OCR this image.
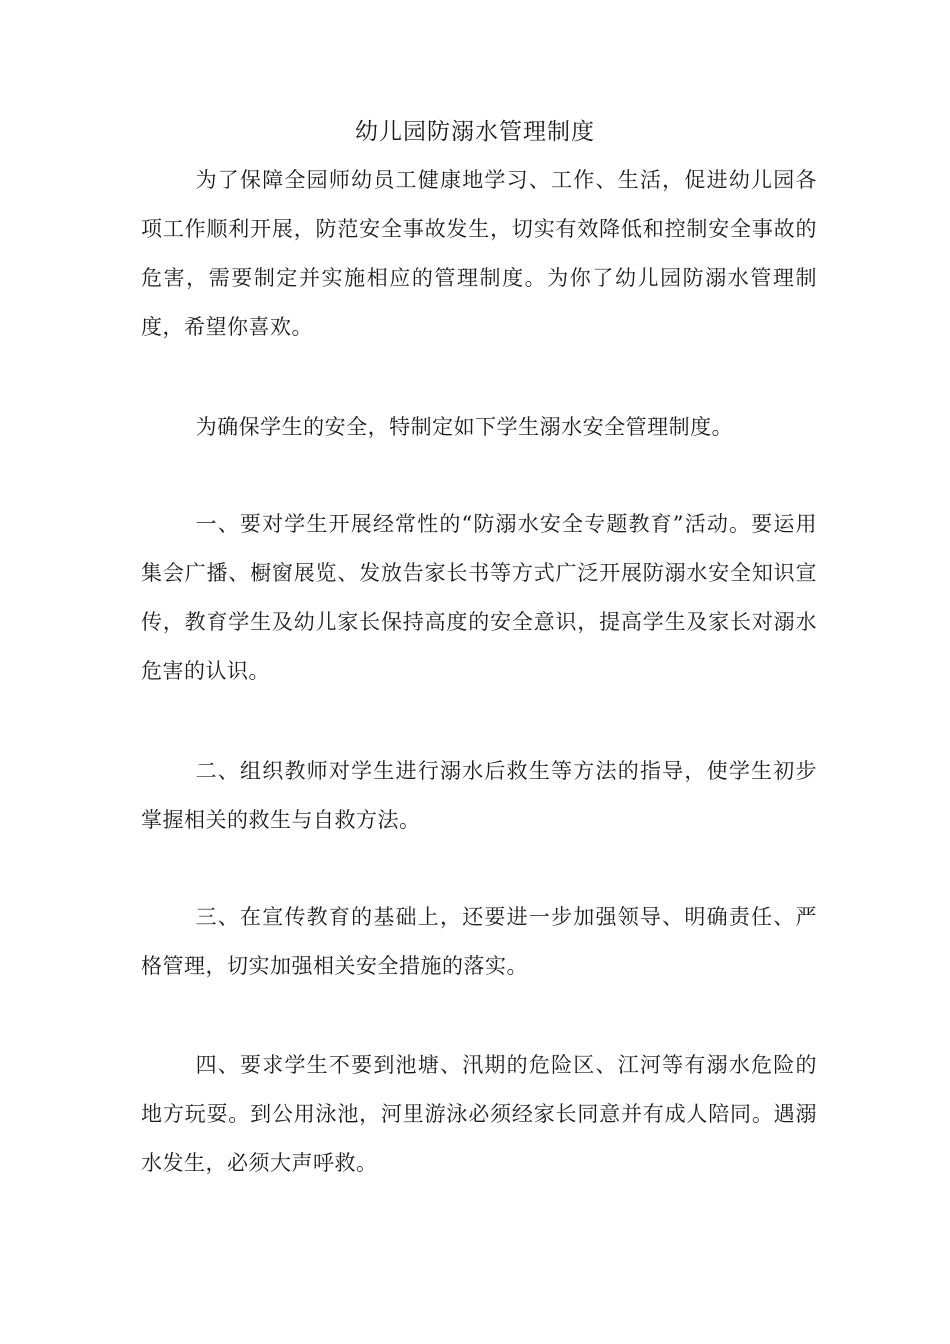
幼儿园防溺水管理制度

为了保障全园师幼员工健康地学习、工作、生活，促进幼儿园各项工作顺利开展，防范安全事故发生，切实有效降低和控制安全事故的危害，需要制定并实施相应的管理制度。为你了幼儿园防溺水管理制度，希望你喜欢。

为确保学生的安全，特制定如下学生溺水安全管理制度。

一、要对学生开展经常性的“防溺水安全专题教育”活动。要运用集会广播、橱窗展览、发放告家长书等方式广泛开展防溺水安全知识宣传，教育学生及幼儿家长保持高度的安全意识，提高学生及家长对溺水危害的认识。

二、组织教师对学生进行溺水后救生等方法的指导，使学生初步掌握相关的救生与自救方法。

三、在宣传教育的基础上，还要进一步加强领导、明确责任、严格管理，切实加强相关安全措施的落实。

四、要求学生不要到池塘、汛期的危险区、江河等有溺水危险的地方玩耍。到公用泳池，河里游泳必须经家长同意并有成人陪同。遇溺水发生，必须大声呼救。
